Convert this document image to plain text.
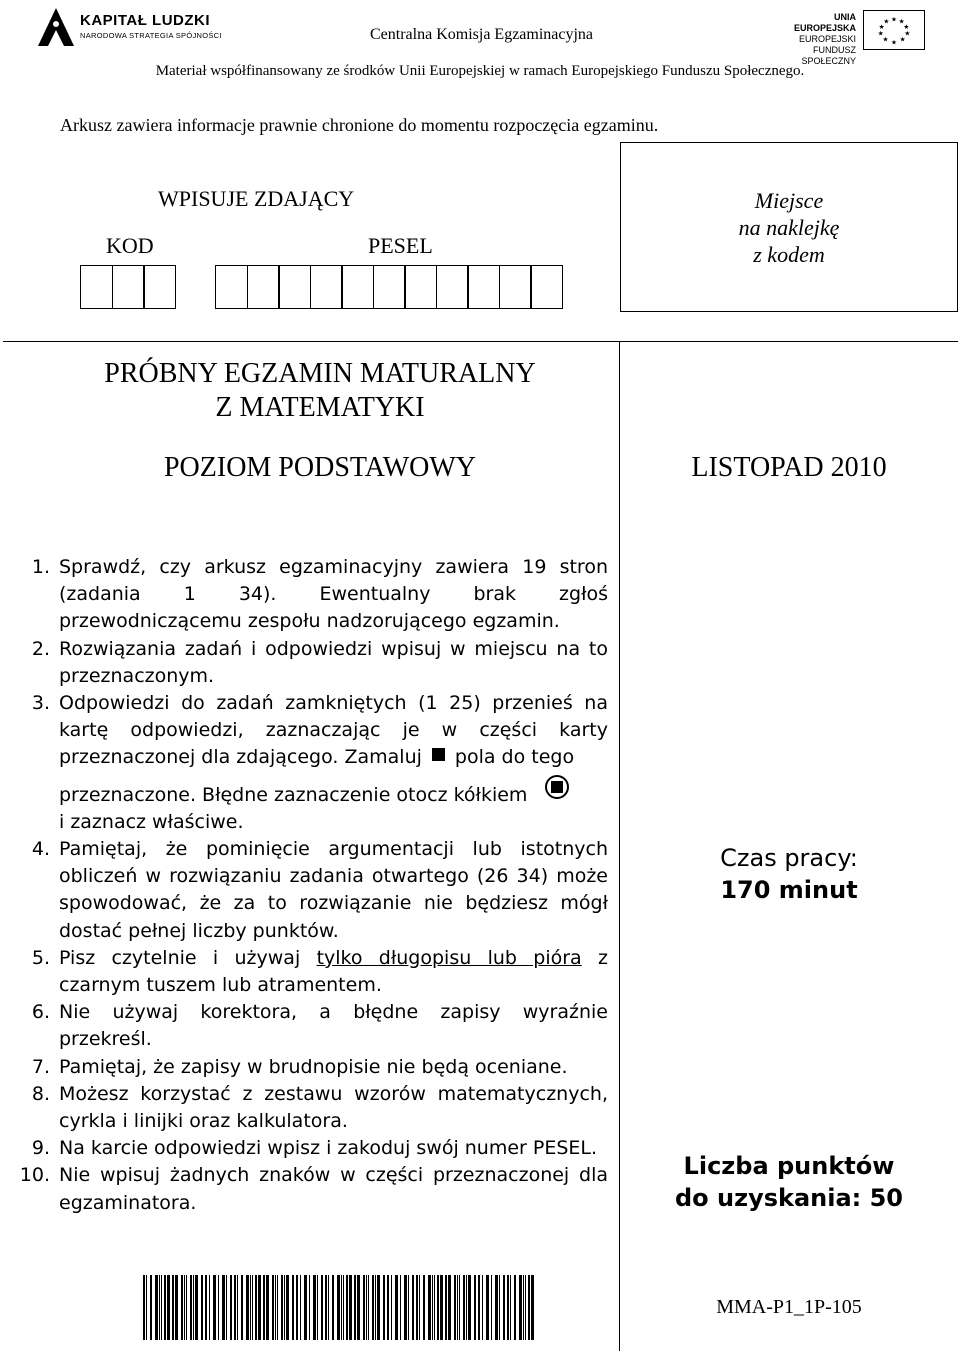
KAPITAŁ LUDZKI
NARODOWA STRATEGIA SPÓJNOŚCI	Centralna Komisja Egzaminacyjna
UNIA EUROPEJSKA
EUROPEJSKI
FUNDUSZ SPOŁECZNY
★ ★
★
★
★
★
★
★
★
★
Materiał współfinansowany ze środków Unii Europejskiej w ramach Europejskiego Funduszu Społecznego.
Arkusz zawiera informacje prawnie chronione do momentu rozpoczęcia egzaminu.
WPISUJE ZDAJĄCY
KOD	PESEL
Miejsce
na naklejkę
z kodem
PRÓBNY EGZAMIN MATURALNY
Z MATEMATYKI
POZIOM PODSTAWOWY	LISTOPAD 2010
1. Sprawdź, czy arkusz egzaminacyjny zawiera 19 stron (zadania 1 34). Ewentualny brak zgłoś przewodniczącemu zespołu nadzorującego egzamin.
2. Rozwiązania zadań i odpowiedzi wpisuj w miejscu na to przeznaczonym.
3. Odpowiedzi do zadań zamkniętych (1 25) przenieś na kartę odpowiedzi, zaznaczając je w części karty przeznaczonej dla zdającego. Zamaluj pola do tego
przeznaczone. Błędne zaznaczenie otocz kółkiem
i zaznacz właściwe.
4. Pamiętaj, że pominięcie argumentacji lub istotnych obliczeń w rozwiązaniu zadania otwartego (26 34) może spowodować, że za to rozwiązanie nie będziesz mógł dostać pełnej liczby punktów.
5. Pisz czytelnie i używaj tylko długopisu lub pióra z czarnym tuszem lub atramentem.
6. Nie używaj korektora, a błędne zapisy wyraźnie przekreśl.
7. Pamiętaj, że zapisy w brudnopisie nie będą oceniane.
8. Możesz korzystać z zestawu wzorów matematycznych, cyrkla i linijki oraz kalkulatora.
9. Na karcie odpowiedzi wpisz i zakoduj swój numer PESEL.
10. Nie wpisuj żadnych znaków w części przeznaczonej dla egzaminatora.
Czas pracy:
170 minut
Liczba punktów
do uzyskania: 50
MMA-P1_1P-105
